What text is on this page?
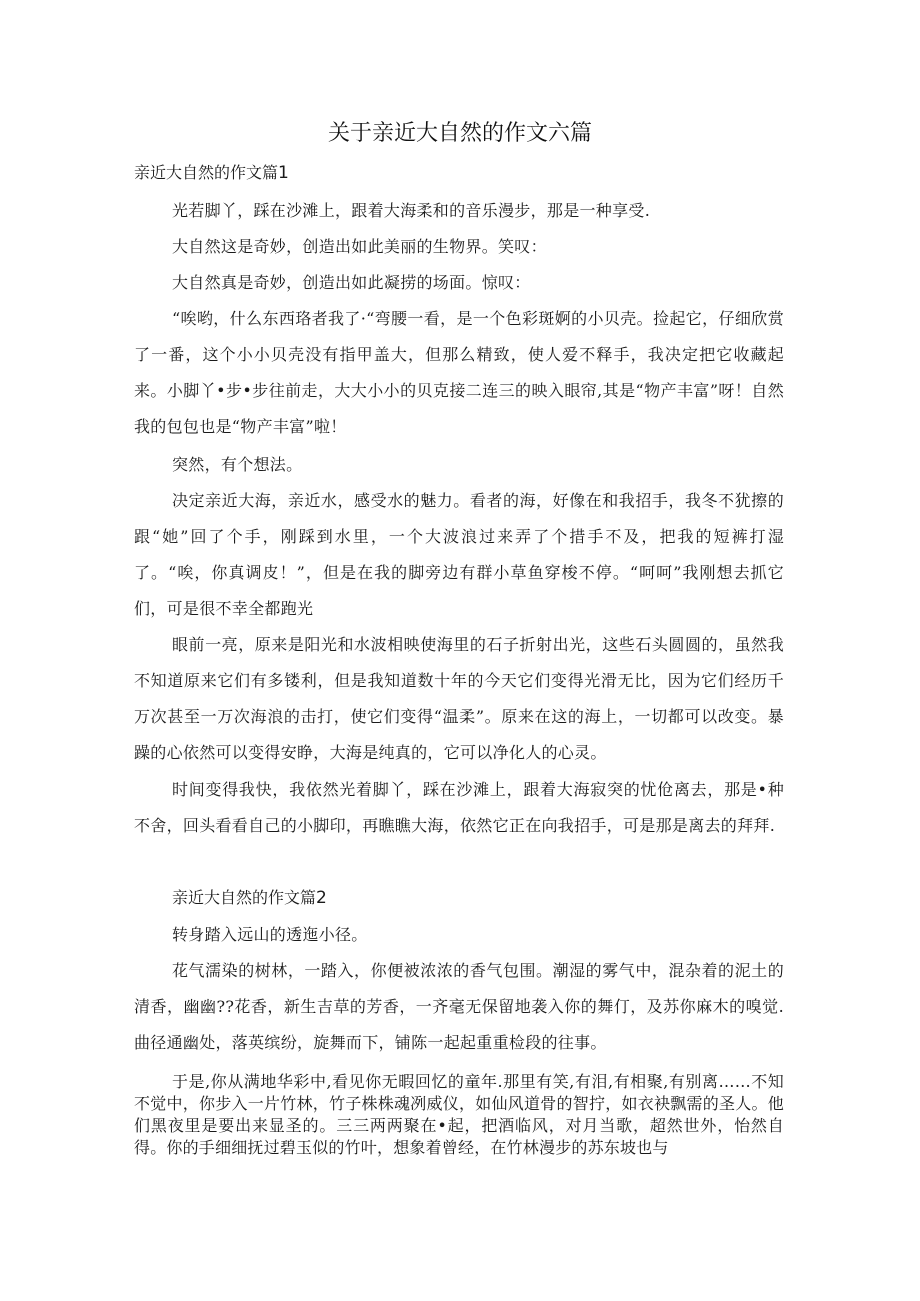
关于亲近大自然的作文六篇
亲近大自然的作文篇1

光若脚丫，踩在沙滩上，跟着大海柔和的音乐漫步，那是一种享受.

大自然这是奇妙，创造出如此美丽的生物界。笑叹：

大自然真是奇妙，创造出如此凝捞的场面。惊叹：

“唉哟，什么东西珞者我了·“弯腰一看，是一个色彩斑婀的小贝壳。捡起它，仔细欣赏了一番，这个小小贝壳没有指甲盖大，但那么精致，使人爱不释手，我决定把它收藏起来。小脚丫•步•步往前走，大大小小的贝克接二连三的映入眼帘,其是“物产丰富”呀！自然我的包包也是“物产丰富”啦！

突然，有个想法。

决定亲近大海，亲近水，感受水的魅力。看者的海，好像在和我招手，我冬不犹擦的跟“她”回了个手，刚踩到水里，一个大波浪过来弄了个措手不及，把我的短裤打湿了。“唉，你真调皮！”，但是在我的脚旁边有群小草鱼穿梭不停。“呵呵”我刚想去抓它们，可是很不幸全都跑光

眼前一亮，原来是阳光和水波相映使海里的石子折射出光，这些石头圆圆的，虽然我不知道原来它们有多镂利，但是我知道数十年的今天它们变得光滑无比，因为它们经历千万次甚至一万次海浪的击打，使它们变得“温柔”。原来在这的海上，一切都可以改变。暴躁的心依然可以变得安睁，大海是纯真的，它可以净化人的心灵。

时间变得我快，我依然光着脚丫，踩在沙滩上，跟着大海寂突的忧伧离去，那是•种不舍，回头看看自己的小脚印，再瞧瞧大海，依然它正在向我招手，可是那是离去的拜拜.

亲近大自然的作文篇2

转身踏入远山的透迤小径。

花气濡染的树林，一踏入，你便被浓浓的香气包围。潮湿的雾气中，混杂着的泥土的清香，幽幽??花香，新生吉草的芳香，一齐毫无保留地袭入你的舞仃，及苏你麻木的嗅觉.曲径通幽处，落英缤纷，旋舞而下，铺陈一起起重重检段的往事。

于是,你从满地华彩中,看见你无暇回忆的童年.那里有笑,有泪,有相聚,有别离……不知不觉中，你步入一片竹林，竹子株株魂冽威仪，如仙风道骨的智拧，如衣袂飘需的圣人。他们黑夜里是要出来显圣的。三三两两聚在•起，把酒临风，对月当歌，超然世外，怡然自得。你的手细细抚过碧玉似的竹叶，想象着曾经，在竹林漫步的苏东坡也与
